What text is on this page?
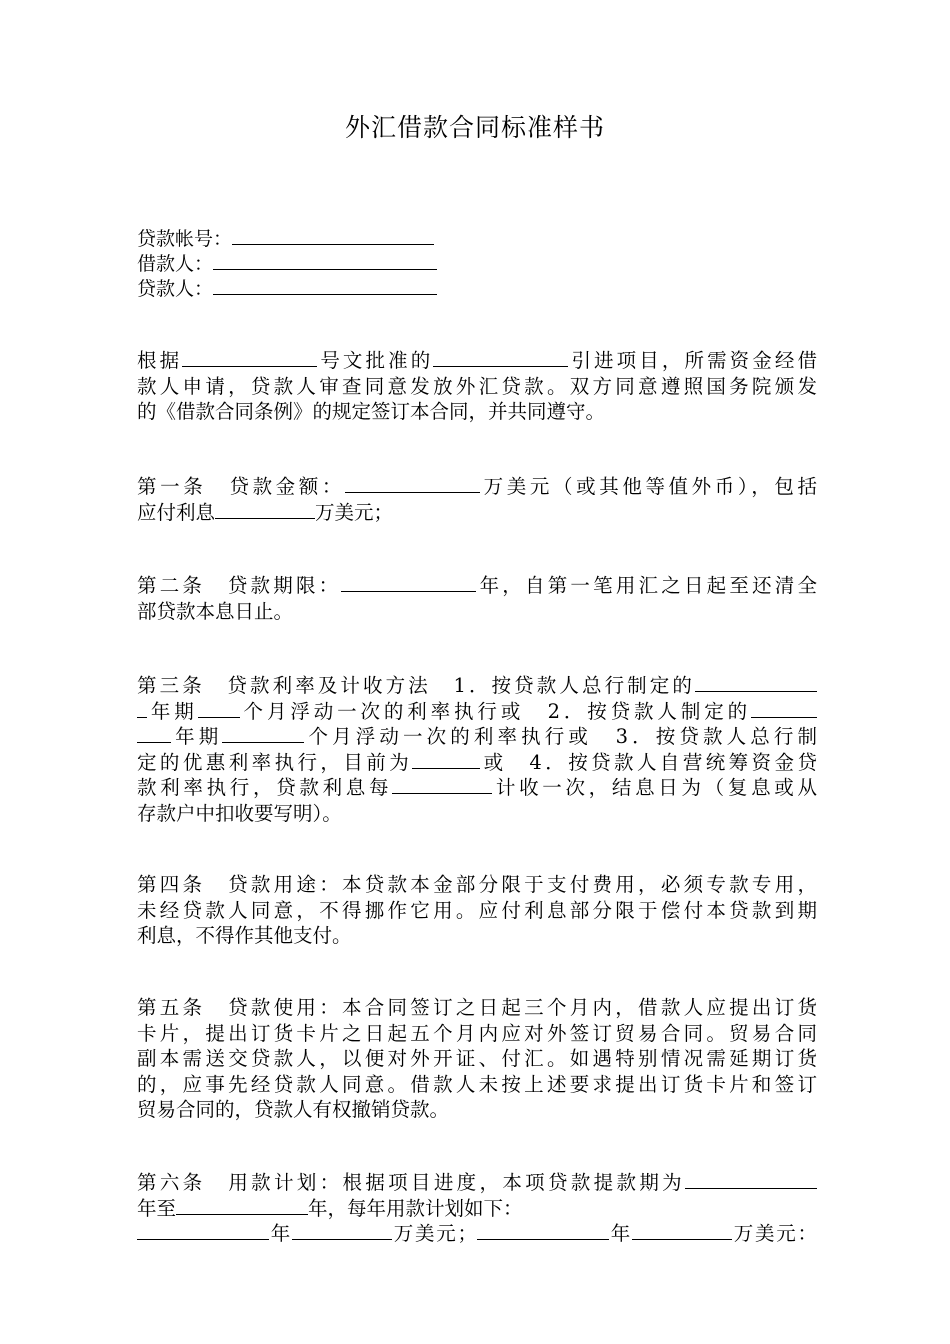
外汇借款合同标准样书
贷款帐号：
借款人：
贷款人：
根据	号文批准的	引进项目，所需资金经借
款人申请，贷款人审查同意发放外汇贷款。双方同意遵照国务院颁发
的《借款合同条例》的规定签订本合同，并共同遵守。
第一条　贷款金额：	万美元（或其他等值外币），包括
应付利息	万美元；
第二条　贷款期限：	年，自第一笔用汇之日起至还清全
部贷款本息日止。
第三条　贷款利率及计收方法　1．按贷款人总行制定的
年期 个月浮动一次的利率执行或　2．按贷款人制定的
年期	个月浮动一次的利率执行或　3．按贷款人总行制
定的优惠利率执行，目前为	或　4．按贷款人自营统筹资金贷
款利率执行，贷款利息每	计收一次，结息日为（复息或从
存款户中扣收要写明）。
第四条　贷款用途：本贷款本金部分限于支付费用，必须专款专用，
未经贷款人同意，不得挪作它用。应付利息部分限于偿付本贷款到期
利息，不得作其他支付。
第五条　贷款使用：本合同签订之日起三个月内，借款人应提出订货
卡片，提出订货卡片之日起五个月内应对外签订贸易合同。贸易合同
副本需送交贷款人，以便对外开证、付汇。如遇特别情况需延期订货
的，应事先经贷款人同意。借款人未按上述要求提出订货卡片和签订
贸易合同的，贷款人有权撤销贷款。
第六条　用款计划：根据项目进度，本项贷款提款期为
年至	年，每年用款计划如下：
年	万美元；	年	万美元：
